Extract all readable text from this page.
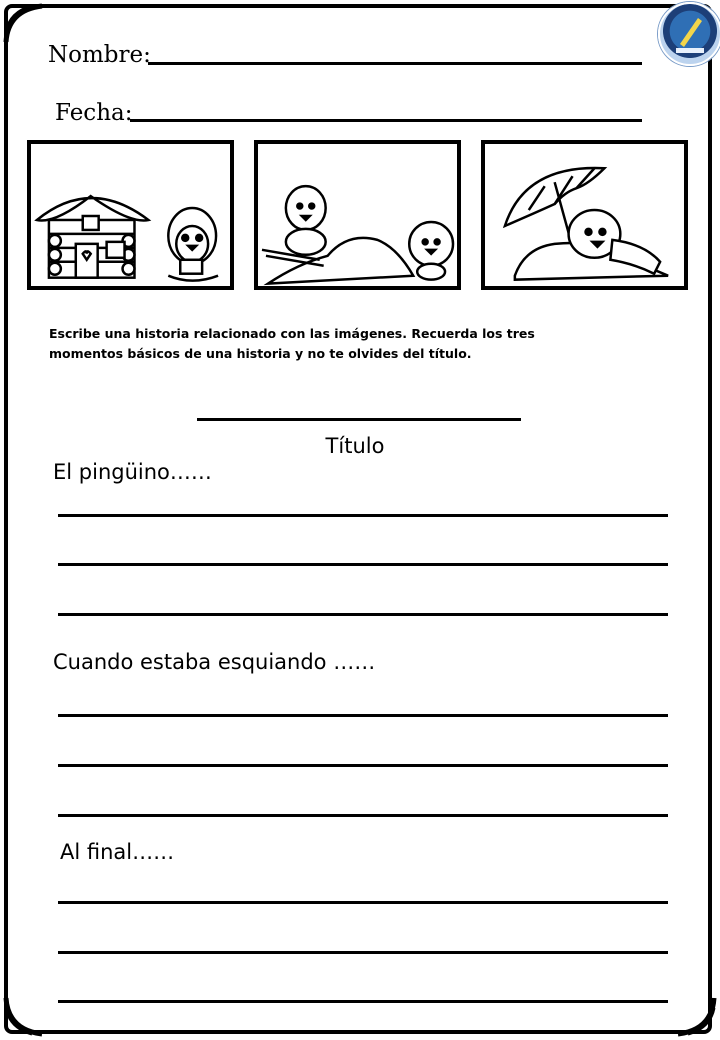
Nombre:
Fecha:
Escribe una historia relacionado con las imágenes. Recuerda los tres
momentos básicos de una historia y no te olvides del título.
Título
El pingüino……
Cuando estaba esquiando ……
Al final……
